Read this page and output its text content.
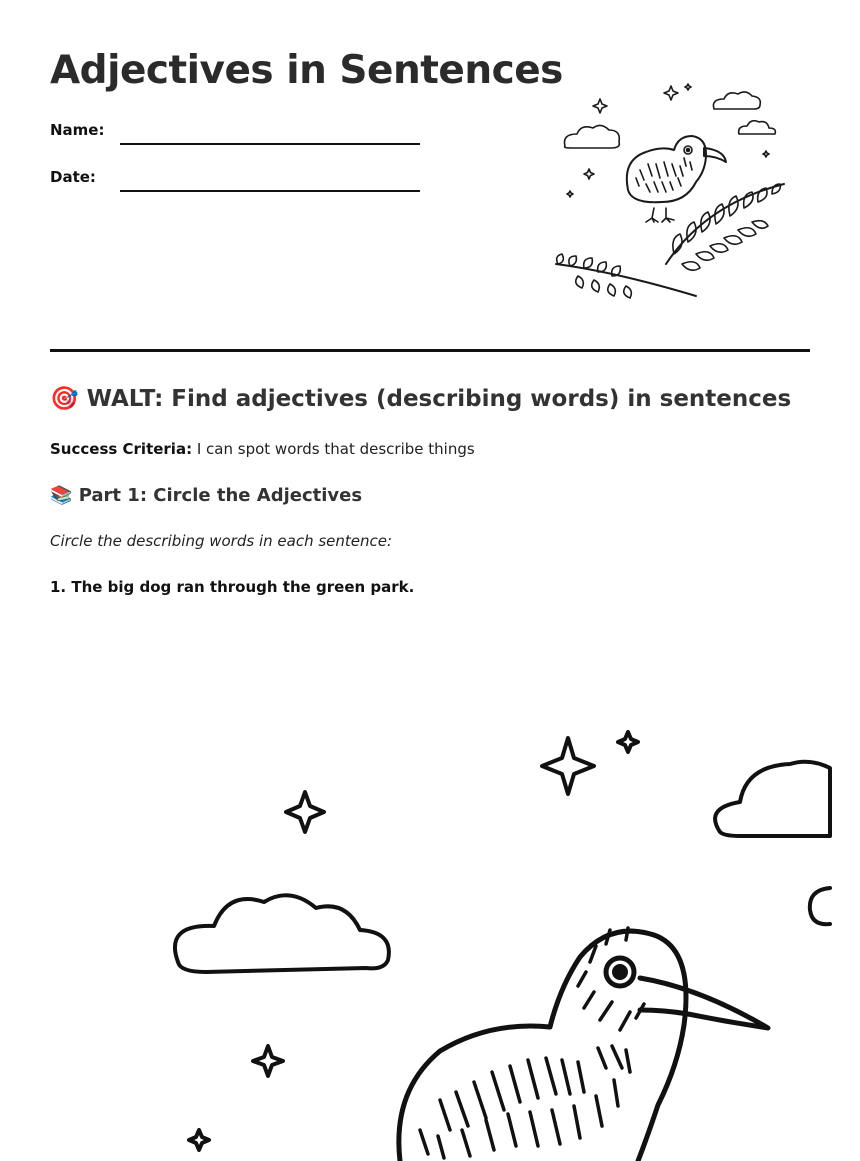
Adjectives in Sentences
Name:
Date:
🎯 WALT: Find adjectives (describing words) in sentences
Success Criteria: I can spot words that describe things
📚 Part 1: Circle the Adjectives
Circle the describing words in each sentence:
1. The big dog ran through the green park.
